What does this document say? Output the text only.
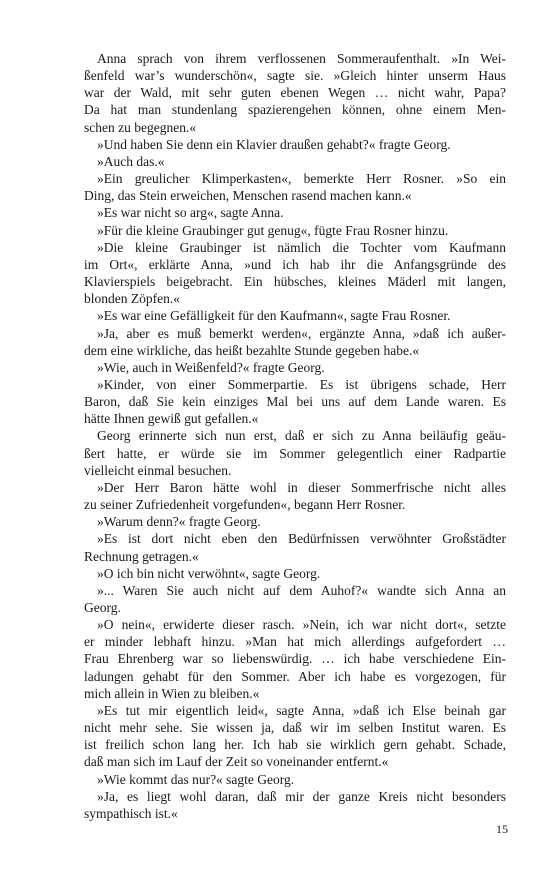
Anna sprach von ihrem verflossenen Sommeraufenthalt. »In Wei-
ßenfeld war’s wunderschön«, sagte sie. »Gleich hinter unserm Haus
war der Wald, mit sehr guten ebenen Wegen … nicht wahr, Papa?
Da hat man stundenlang spazierengehen können, ohne einem Men-
schen zu begegnen.«

»Und haben Sie denn ein Klavier draußen gehabt?« fragte Georg.

»Auch das.«

»Ein greulicher Klimperkasten«, bemerkte Herr Rosner. »So ein
Ding, das Stein erweichen, Menschen rasend machen kann.«

»Es war nicht so arg«, sagte Anna.

»Für die kleine Graubinger gut genug«, fügte Frau Rosner hinzu.

»Die kleine Graubinger ist nämlich die Tochter vom Kaufmann
im Ort«, erklärte Anna, »und ich hab ihr die Anfangsgründe des
Klavierspiels beigebracht. Ein hübsches, kleines Mäderl mit langen,
blonden Zöpfen.«

»Es war eine Gefälligkeit für den Kaufmann«, sagte Frau Rosner.

»Ja, aber es muß bemerkt werden«, ergänzte Anna, »daß ich außer-
dem eine wirkliche, das heißt bezahlte Stunde gegeben habe.«

»Wie, auch in Weißenfeld?« fragte Georg.

»Kinder, von einer Sommerpartie. Es ist übrigens schade, Herr
Baron, daß Sie kein einziges Mal bei uns auf dem Lande waren. Es
hätte Ihnen gewiß gut gefallen.«

Georg erinnerte sich nun erst, daß er sich zu Anna beiläufig geäu-
ßert hatte, er würde sie im Sommer gelegentlich einer Radpartie
vielleicht einmal besuchen.

»Der Herr Baron hätte wohl in dieser Sommerfrische nicht alles
zu seiner Zufriedenheit vorgefunden«, begann Herr Rosner.

»Warum denn?« fragte Georg.

»Es ist dort nicht eben den Bedürfnissen verwöhnter Großstädter
Rechnung getragen.«

»O ich bin nicht verwöhnt«, sagte Georg.

»... Waren Sie auch nicht auf dem Auhof?« wandte sich Anna an
Georg.

»O nein«, erwiderte dieser rasch. »Nein, ich war nicht dort«, setzte
er minder lebhaft hinzu. »Man hat mich allerdings aufgefordert …
Frau Ehrenberg war so liebenswürdig. … ich habe verschiedene Ein-
ladungen gehabt für den Sommer. Aber ich habe es vorgezogen, für
mich allein in Wien zu bleiben.«

»Es tut mir eigentlich leid«, sagte Anna, »daß ich Else beinah gar
nicht mehr sehe. Sie wissen ja, daß wir im selben Institut waren. Es
ist freilich schon lang her. Ich hab sie wirklich gern gehabt. Schade,
daß man sich im Lauf der Zeit so voneinander entfernt.«

»Wie kommt das nur?« sagte Georg.

»Ja, es liegt wohl daran, daß mir der ganze Kreis nicht besonders
sympathisch ist.«

15
